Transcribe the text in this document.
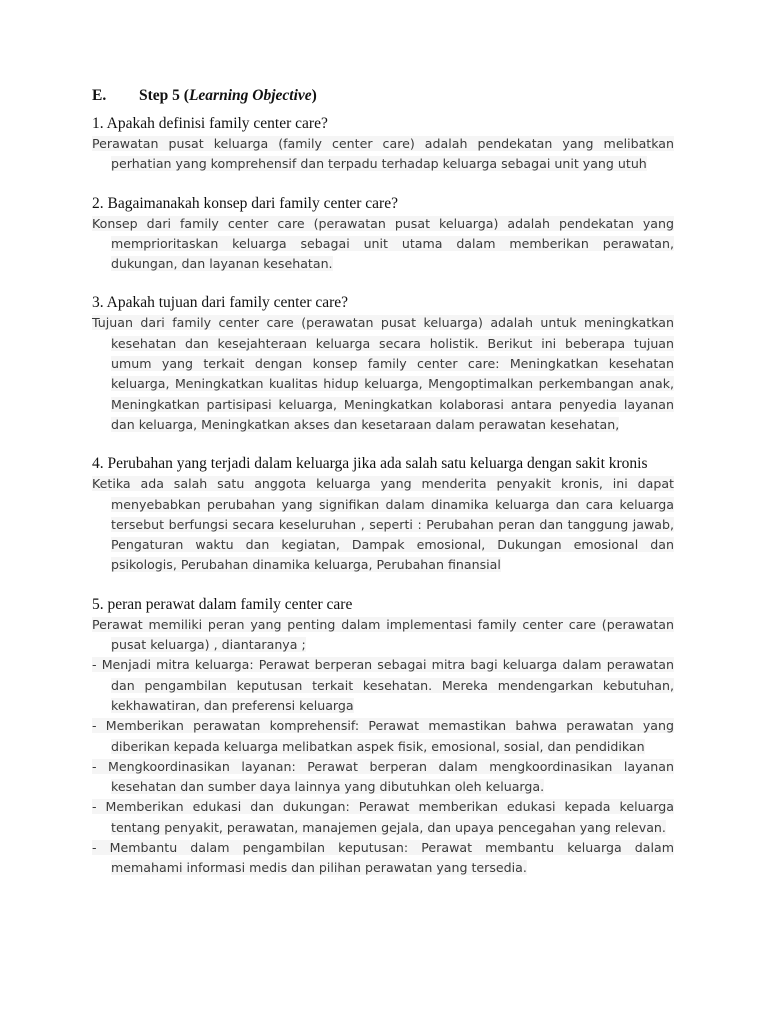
E. Step 5 (Learning Objective)

1. Apakah definisi family center care?

Perawatan pusat keluarga (family center care) adalah pendekatan yang melibatkan perhatian yang komprehensif dan terpadu terhadap keluarga sebagai unit yang utuh

2. Bagaimanakah konsep dari family center care?

Konsep dari family center care (perawatan pusat keluarga) adalah pendekatan yang memprioritaskan keluarga sebagai unit utama dalam memberikan perawatan, dukungan, dan layanan kesehatan.

3. Apakah tujuan dari family center care?

Tujuan dari family center care (perawatan pusat keluarga) adalah untuk meningkatkan kesehatan dan kesejahteraan keluarga secara holistik. Berikut ini beberapa tujuan umum yang terkait dengan konsep family center care: Meningkatkan kesehatan keluarga, Meningkatkan kualitas hidup keluarga, Mengoptimalkan perkembangan anak, Meningkatkan partisipasi keluarga, Meningkatkan kolaborasi antara penyedia layanan dan keluarga, Meningkatkan akses dan kesetaraan dalam perawatan kesehatan,

4. Perubahan yang terjadi dalam keluarga jika ada salah satu keluarga dengan sakit kronis

Ketika ada salah satu anggota keluarga yang menderita penyakit kronis, ini dapat menyebabkan perubahan yang signifikan dalam dinamika keluarga dan cara keluarga tersebut berfungsi secara keseluruhan , seperti : Perubahan peran dan tanggung jawab, Pengaturan waktu dan kegiatan, Dampak emosional, Dukungan emosional dan psikologis, Perubahan dinamika keluarga, Perubahan finansial

5. peran perawat dalam family center care

Perawat memiliki peran yang penting dalam implementasi family center care (perawatan pusat keluarga) , diantaranya ;

- Menjadi mitra keluarga: Perawat berperan sebagai mitra bagi keluarga dalam perawatan dan pengambilan keputusan terkait kesehatan. Mereka mendengarkan kebutuhan, kekhawatiran, dan preferensi keluarga

- Memberikan perawatan komprehensif: Perawat memastikan bahwa perawatan yang diberikan kepada keluarga melibatkan aspek fisik, emosional, sosial, dan pendidikan

- Mengkoordinasikan layanan: Perawat berperan dalam mengkoordinasikan layanan kesehatan dan sumber daya lainnya yang dibutuhkan oleh keluarga.

- Memberikan edukasi dan dukungan: Perawat memberikan edukasi kepada keluarga tentang penyakit, perawatan, manajemen gejala, dan upaya pencegahan yang relevan.

- Membantu dalam pengambilan keputusan: Perawat membantu keluarga dalam memahami informasi medis dan pilihan perawatan yang tersedia.
